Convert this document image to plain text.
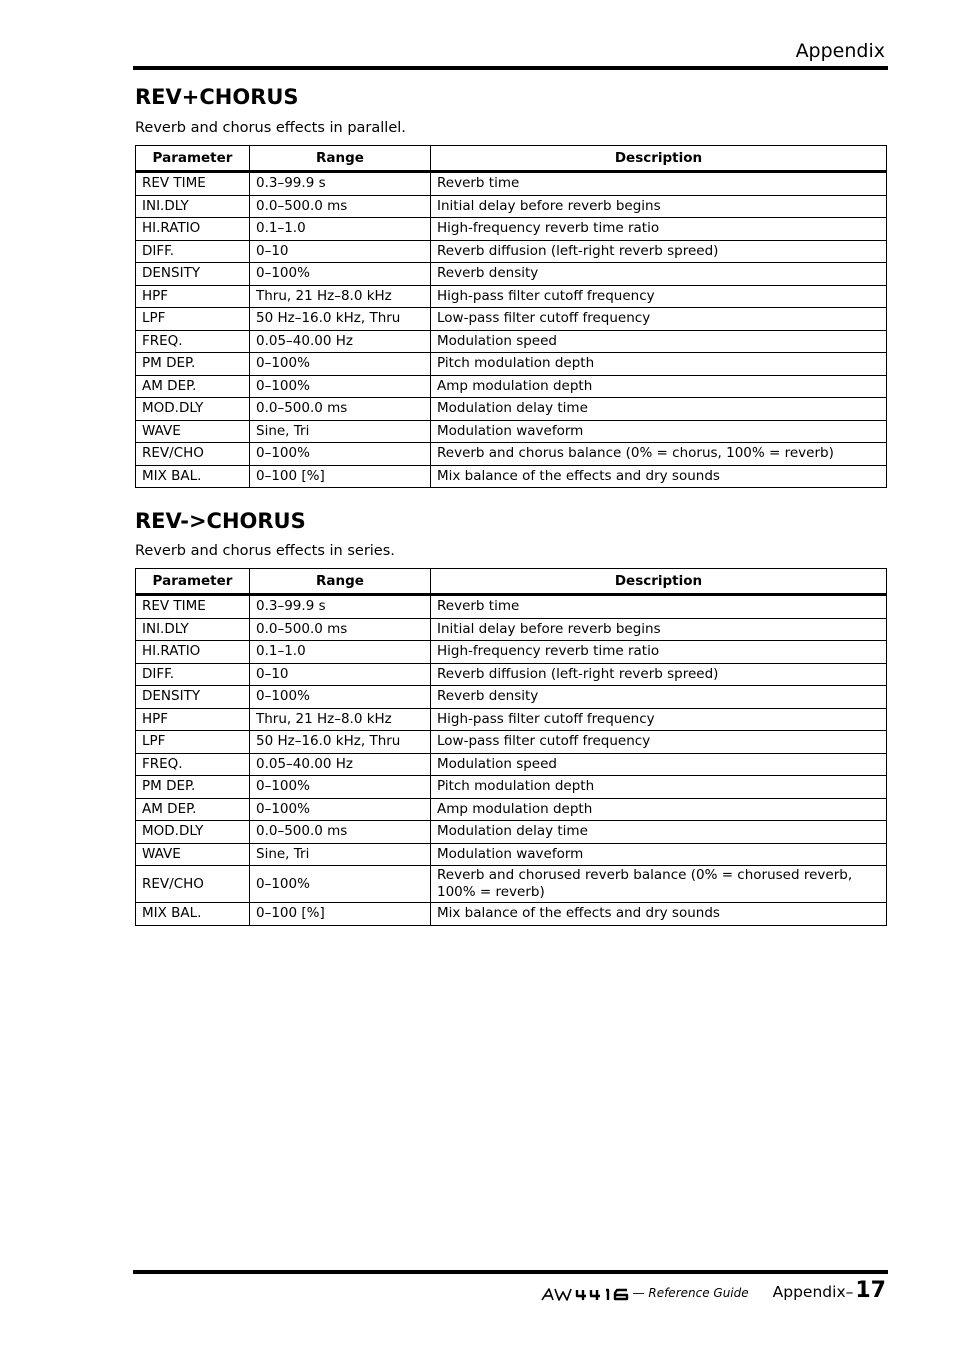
Appendix
REV+CHORUS

Reverb and chorus effects in parallel.

Parameter	Range	Description
REV TIME	0.3–99.9 s	Reverb time
INI.DLY	0.0–500.0 ms	Initial delay before reverb begins
HI.RATIO	0.1–1.0	High-frequency reverb time ratio
DIFF.	0–10	Reverb diffusion (left-right reverb spreed)
DENSITY	0–100%	Reverb density
HPF	Thru, 21 Hz–8.0 kHz	High-pass filter cutoff frequency
LPF	50 Hz–16.0 kHz, Thru	Low-pass filter cutoff frequency
FREQ.	0.05–40.00 Hz	Modulation speed
PM DEP.	0–100%	Pitch modulation depth
AM DEP.	0–100%	Amp modulation depth
MOD.DLY	0.0–500.0 ms	Modulation delay time
WAVE	Sine, Tri	Modulation waveform
REV/CHO	0–100%	Reverb and chorus balance (0% = chorus, 100% = reverb)
MIX BAL.	0–100 [%]	Mix balance of the effects and dry sounds
REV->CHORUS

Reverb and chorus effects in series.

Parameter	Range	Description
REV TIME	0.3–99.9 s	Reverb time
INI.DLY	0.0–500.0 ms	Initial delay before reverb begins
HI.RATIO	0.1–1.0	High-frequency reverb time ratio
DIFF.	0–10	Reverb diffusion (left-right reverb spreed)
DENSITY	0–100%	Reverb density
HPF	Thru, 21 Hz–8.0 kHz	High-pass filter cutoff frequency
LPF	50 Hz–16.0 kHz, Thru	Low-pass filter cutoff frequency
FREQ.	0.05–40.00 Hz	Modulation speed
PM DEP.	0–100%	Pitch modulation depth
AM DEP.	0–100%	Amp modulation depth
MOD.DLY	0.0–500.0 ms	Modulation delay time
WAVE	Sine, Tri	Modulation waveform
REV/CHO	0–100%	Reverb and chorused reverb balance (0% = chorused reverb, 100% = reverb)
MIX BAL.	0–100 [%]	Mix balance of the effects and dry sounds
— Reference Guide Appendix– 17
